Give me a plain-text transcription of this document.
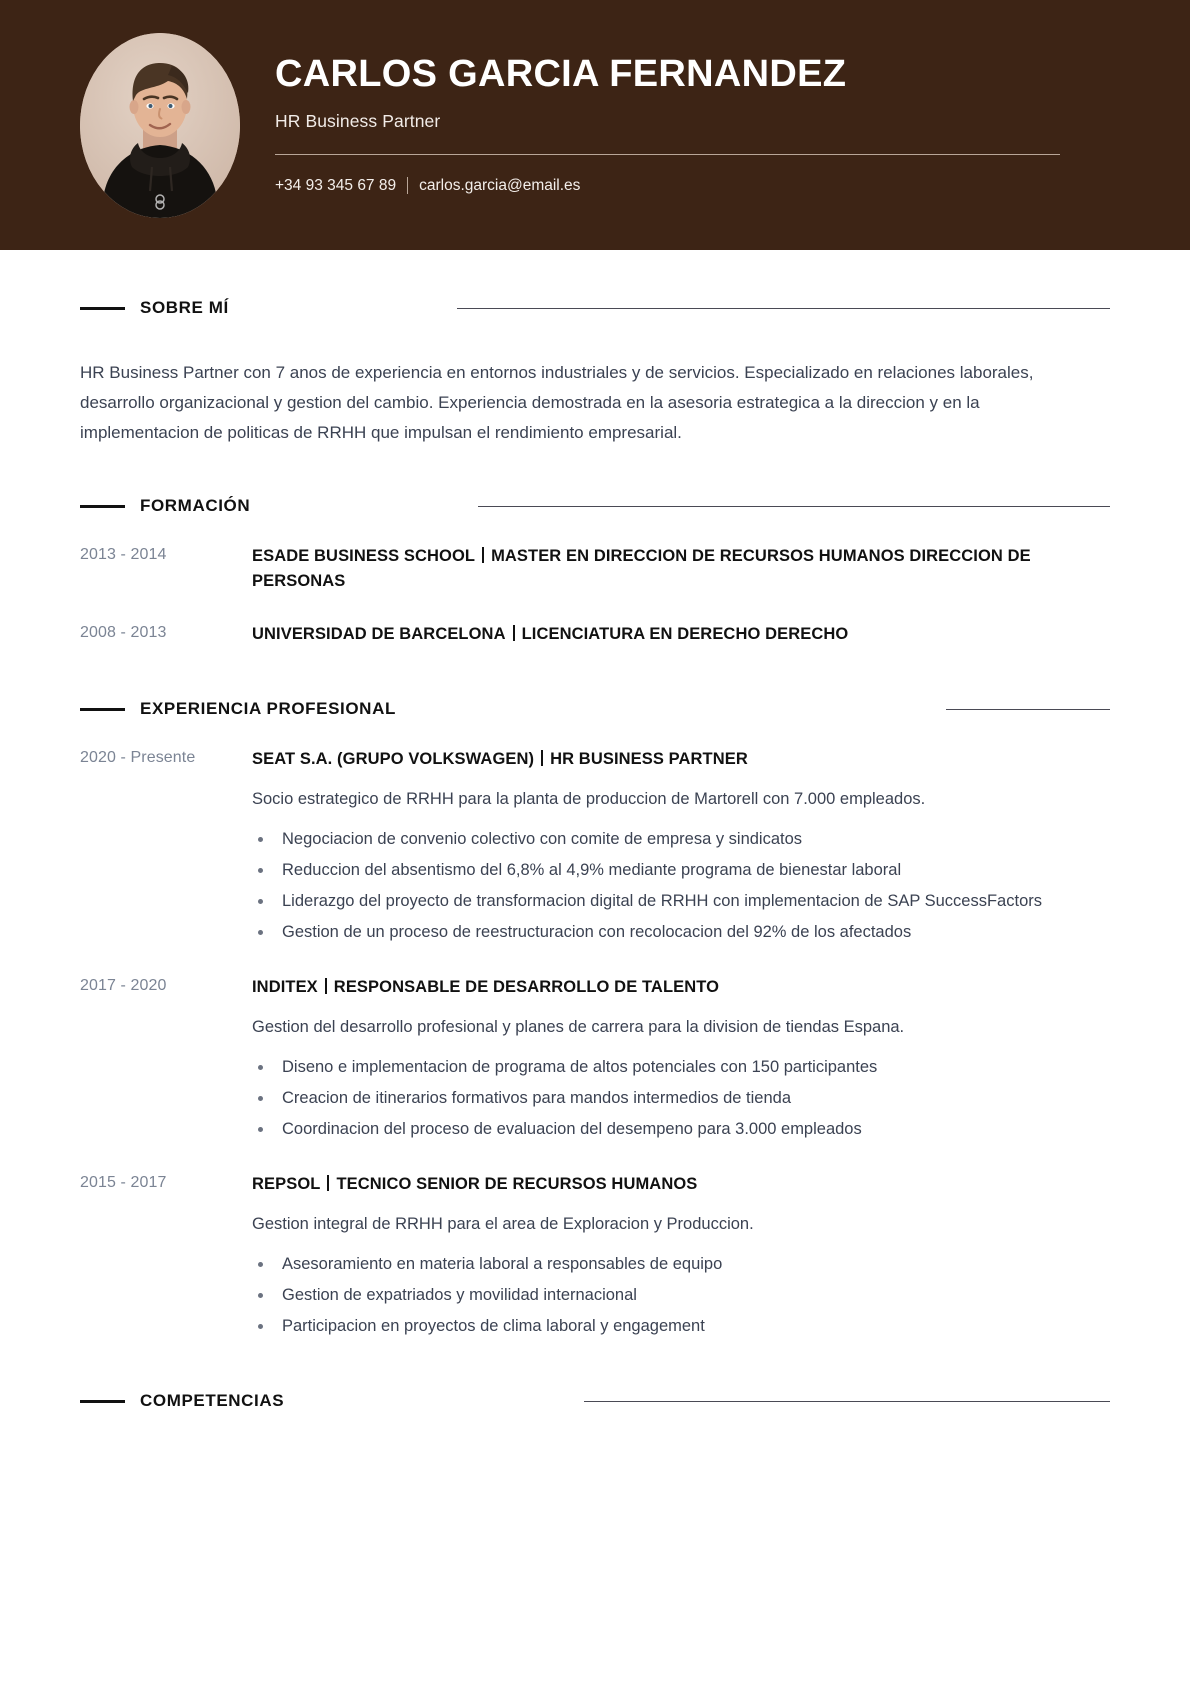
CARLOS GARCIA FERNANDEZ
HR Business Partner
+34 93 345 67 89 carlos.garcia@email.es
SOBRE MÍ

HR Business Partner con 7 anos de experiencia en entornos industriales y de servicios. Especializado en relaciones laborales, desarrollo organizacional y gestion del cambio. Experiencia demostrada en la asesoria estrategica a la direccion y en la implementacion de politicas de RRHH que impulsan el rendimiento empresarial.

FORMACIÓN
2013 - 2014	ESADE BUSINESS SCHOOL MASTER EN DIRECCION DE RECURSOS HUMANOS DIRECCION DE PERSONAS
2008 - 2013	UNIVERSIDAD DE BARCELONA LICENCIATURA EN DERECHO DERECHO
EXPERIENCIA PROFESIONAL
2020 - Presente	SEAT S.A. (GRUPO VOLKSWAGEN) HR BUSINESS PARTNER
Socio estrategico de RRHH para la planta de produccion de Martorell con 7.000 empleados.
Negociacion de convenio colectivo con comite de empresa y sindicatos
Reduccion del absentismo del 6,8% al 4,9% mediante programa de bienestar laboral
Liderazgo del proyecto de transformacion digital de RRHH con implementacion de SAP SuccessFactors
Gestion de un proceso de reestructuracion con recolocacion del 92% de los afectados
2017 - 2020	INDITEX RESPONSABLE DE DESARROLLO DE TALENTO
Gestion del desarrollo profesional y planes de carrera para la division de tiendas Espana.
Diseno e implementacion de programa de altos potenciales con 150 participantes
Creacion de itinerarios formativos para mandos intermedios de tienda
Coordinacion del proceso de evaluacion del desempeno para 3.000 empleados
2015 - 2017	REPSOL TECNICO SENIOR DE RECURSOS HUMANOS
Gestion integral de RRHH para el area de Exploracion y Produccion.
Asesoramiento en materia laboral a responsables de equipo
Gestion de expatriados y movilidad internacional
Participacion en proyectos de clima laboral y engagement
COMPETENCIAS
